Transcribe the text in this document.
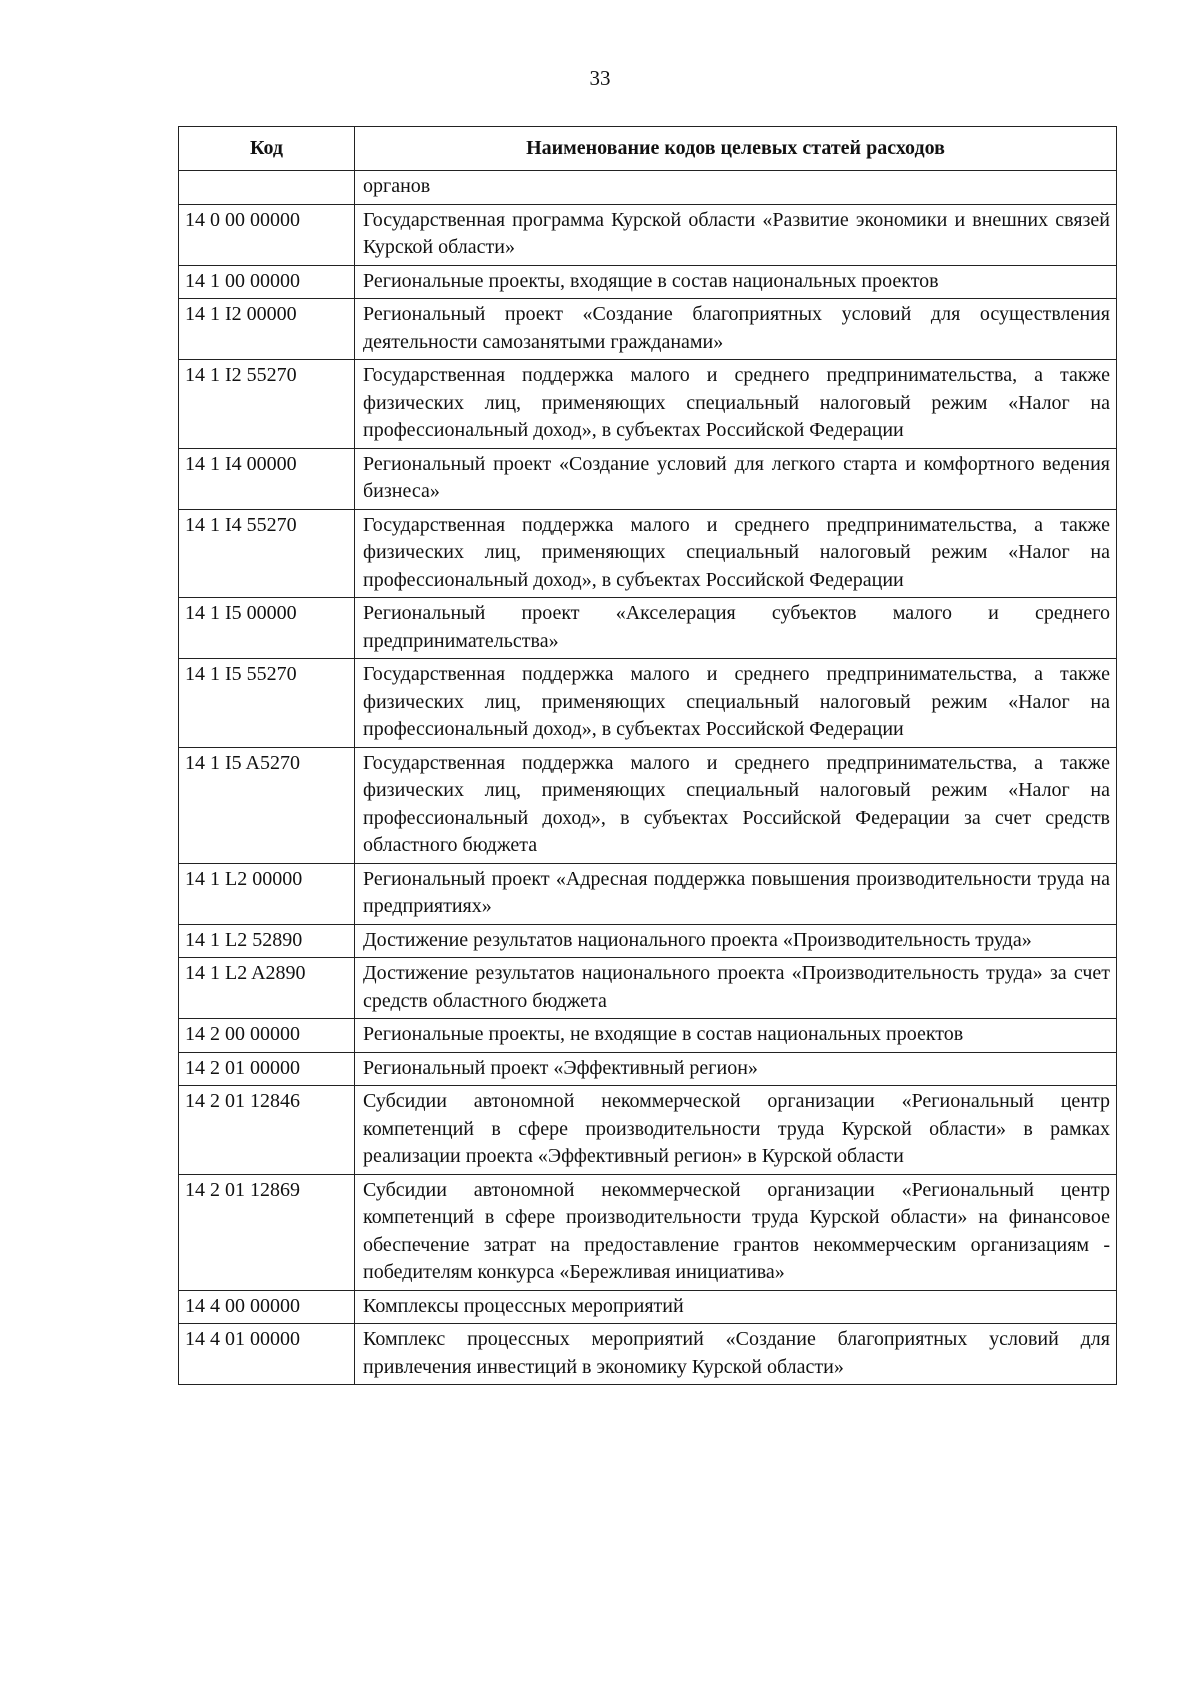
33
Код	Наименование кодов целевых статей расходов
	органов
14 0 00 00000	Государственная программа Курской области «Развитие экономики и внешних связей Курской области»
14 1 00 00000	Региональные проекты, входящие в состав национальных проектов
14 1 I2 00000	Региональный проект «Создание благоприятных условий для осуществления деятельности самозанятыми гражданами»
14 1 I2 55270	Государственная поддержка малого и среднего предпринимательства, а также физических лиц, применяющих специальный налоговый режим «Налог на профессиональный доход», в субъектах Российской Федерации
14 1 I4 00000	Региональный проект «Создание условий для легкого старта и комфортного ведения бизнеса»
14 1 I4 55270	Государственная поддержка малого и среднего предпринимательства, а также физических лиц, применяющих специальный налоговый режим «Налог на профессиональный доход», в субъектах Российской Федерации
14 1 I5 00000	Региональный проект «Акселерация субъектов малого и среднего предпринимательства»
14 1 I5 55270	Государственная поддержка малого и среднего предпринимательства, а также физических лиц, применяющих специальный налоговый режим «Налог на профессиональный доход», в субъектах Российской Федерации
14 1 I5 A5270	Государственная поддержка малого и среднего предпринимательства, а также физических лиц, применяющих специальный налоговый режим «Налог на профессиональный доход», в субъектах Российской Федерации за счет средств областного бюджета
14 1 L2 00000	Региональный проект «Адресная поддержка повышения производительности труда на предприятиях»
14 1 L2 52890	Достижение результатов национального проекта «Производительность труда»
14 1 L2 A2890	Достижение результатов национального проекта «Производительность труда» за счет средств областного бюджета
14 2 00 00000	Региональные проекты, не входящие в состав национальных проектов
14 2 01 00000	Региональный проект «Эффективный регион»
14 2 01 12846	Субсидии автономной некоммерческой организации «Региональный центр компетенций в сфере производительности труда Курской области» в рамках реализации проекта «Эффективный регион» в Курской области
14 2 01 12869	Субсидии автономной некоммерческой организации «Региональный центр компетенций в сфере производительности труда Курской области» на финансовое обеспечение затрат на предоставление грантов некоммерческим организациям - победителям конкурса «Бережливая инициатива»
14 4 00 00000	Комплексы процессных мероприятий
14 4 01 00000	Комплекс процессных мероприятий «Создание благоприятных условий для привлечения инвестиций в экономику Курской области»
